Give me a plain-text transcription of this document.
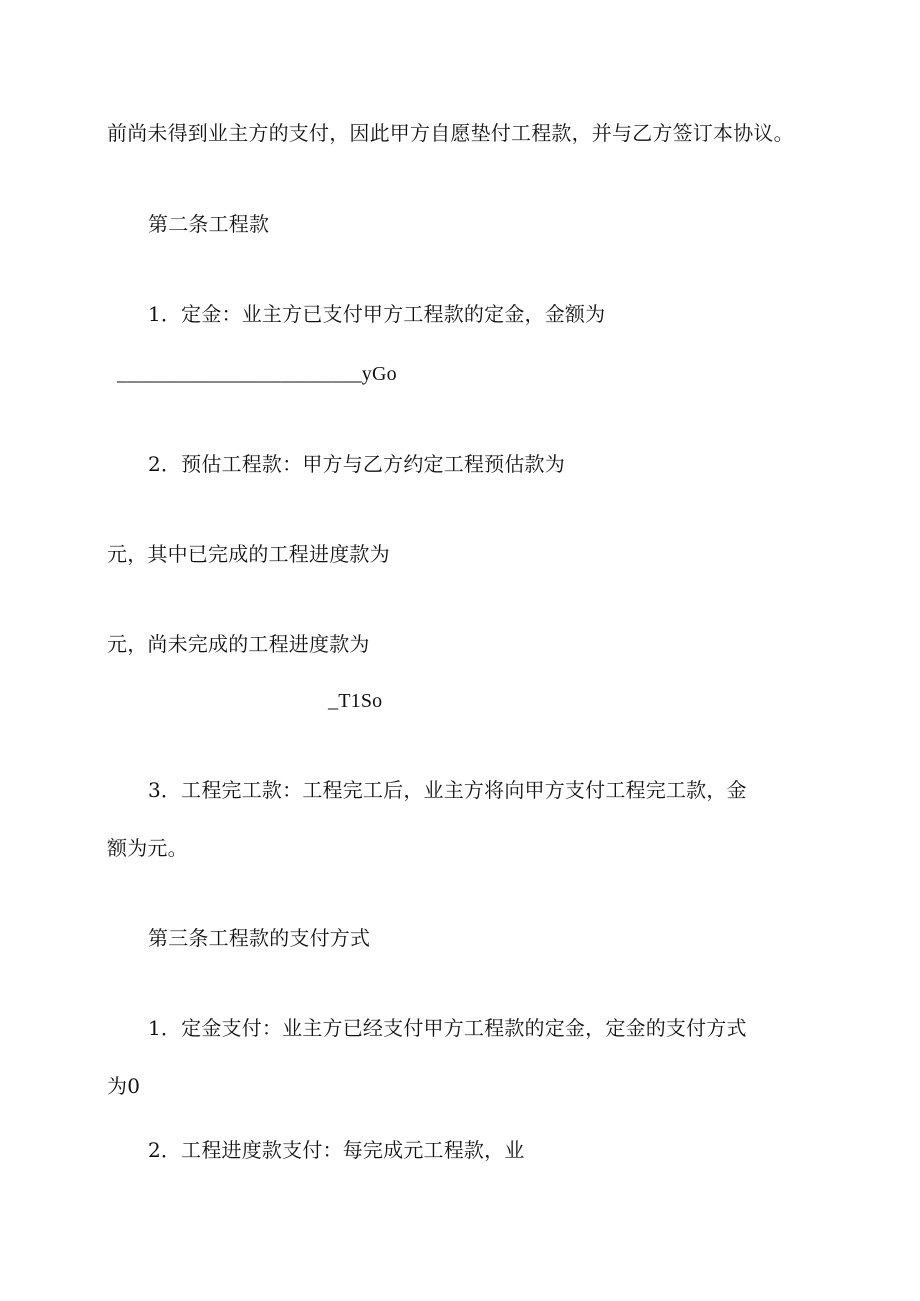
前尚未得到业主方的支付，因此甲方自愿垫付工程款，并与乙方签订本协议。

第二条工程款

1．定金：业主方已支付甲方工程款的定金，金额为

________________________yGo

2．预估工程款：甲方与乙方约定工程预估款为

元，其中已完成的工程进度款为

元，尚未完成的工程进度款为

_T1So

3．工程完工款：工程完工后，业主方将向甲方支付工程完工款，金

额为元。

第三条工程款的支付方式

1．定金支付：业主方已经支付甲方工程款的定金，定金的支付方式

为0

2．工程进度款支付：每完成元工程款，业
